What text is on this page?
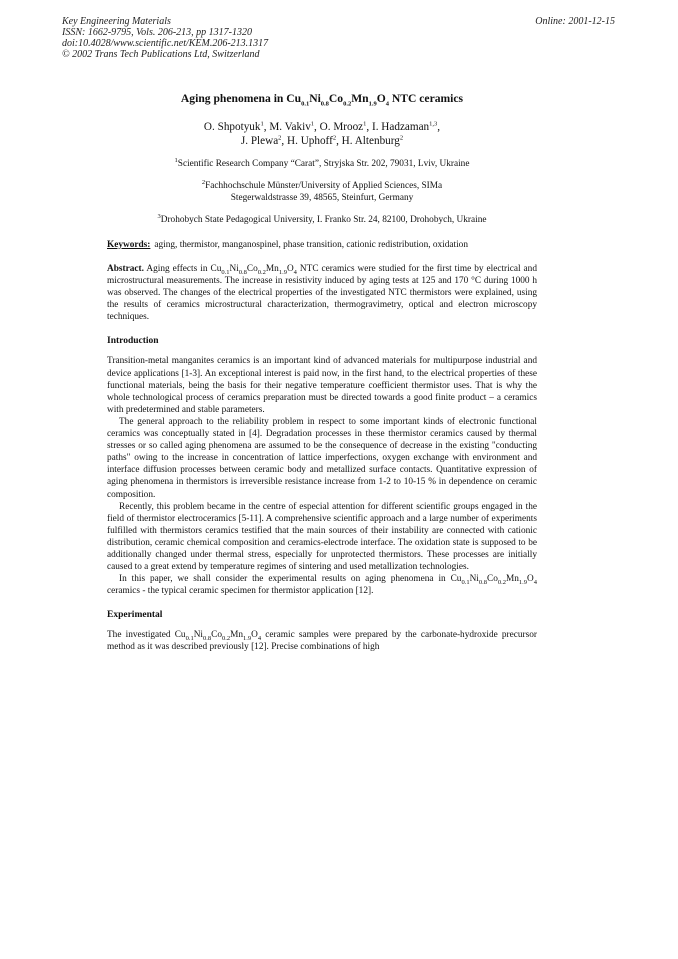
Key Engineering Materials
ISSN: 1662-9795, Vols. 206-213, pp 1317-1320
doi:10.4028/www.scientific.net/KEM.206-213.1317
© 2002 Trans Tech Publications Ltd, Switzerland
Online: 2001-12-15
Aging phenomena in $Cu_{0.1}Ni_{0.8}Co_{0.2}Mn_{1.9}O_4$ NTC ceramics
O. Shpotyuk$^1$, M. Vakiv$^1$, O. Mrooz$^1$, I. Hadzaman$^{1,3}$,
J. Plewa$^2$, H. Uphoff$^2$, H. Altenburg$^2$
$^1$Scientific Research Company “Carat”, Stryjska Str. 202, 79031, Lviv, Ukraine
$^2$Fachhochschule Münster/University of Applied Sciences, SIMa
Stegerwaldstrasse 39, 48565, Steinfurt, Germany
$^3$Drohobych State Pedagogical University, I. Franko Str. 24, 82100, Drohobych, Ukraine
Keywords: aging, thermistor, manganospinel, phase transition, cationic redistribution, oxidation
Abstract. Aging effects in $Cu_{0.1}Ni_{0.8}Co_{0.2}Mn_{1.9}O_4$ NTC ceramics were studied for the first time by electrical and microstructural measurements. The increase in resistivity induced by aging tests at 125 and 170 °C during 1000 h was observed. The changes of the electrical properties of the investigated NTC thermistors were explained, using the results of ceramics microstructural characterization, thermogravimetry, optical and electron microscopy techniques.
Introduction

Transition-metal manganites ceramics is an important kind of advanced materials for multipurpose industrial and device applications [1-3]. An exceptional interest is paid now, in the first hand, to the electrical properties of these functional materials, being the basis for their negative temperature coefficient thermistor uses. That is why the whole technological process of ceramics preparation must be directed towards a good finite product – a ceramics with predetermined and stable parameters.

The general approach to the reliability problem in respect to some important kinds of electronic functional ceramics was conceptually stated in [4]. Degradation processes in these thermistor ceramics caused by thermal stresses or so called aging phenomena are assumed to be the consequence of decrease in the existing "conducting paths" owing to the increase in concentration of lattice imperfections, oxygen exchange with environment and interface diffusion processes between ceramic body and metallized surface contacts. Quantitative expression of aging phenomena in thermistors is irreversible resistance increase from 1-2 to 10-15 % in dependence on ceramic composition.

Recently, this problem became in the centre of especial attention for different scientific groups engaged in the field of thermistor electroceramics [5-11]. A comprehensive scientific approach and a large number of experiments fulfilled with thermistors ceramics testified that the main sources of their instability are connected with cationic distribution, ceramic chemical composition and ceramics-electrode interface. The oxidation state is supposed to be additionally changed under thermal stress, especially for unprotected thermistors. These processes are initially caused to a great extend by temperature regimes of sintering and used metallization technologies.

In this paper, we shall consider the experimental results on aging phenomena in $Cu_{0.1}Ni_{0.8}Co_{0.2}Mn_{1.9}O_4$ ceramics - the typical ceramic specimen for thermistor application [12].

Experimental

The investigated $Cu_{0.1}Ni_{0.8}Co_{0.2}Mn_{1.9}O_4$ ceramic samples were prepared by the carbonate-hydroxide precursor method as it was described previously [12]. Precise combinations of high
